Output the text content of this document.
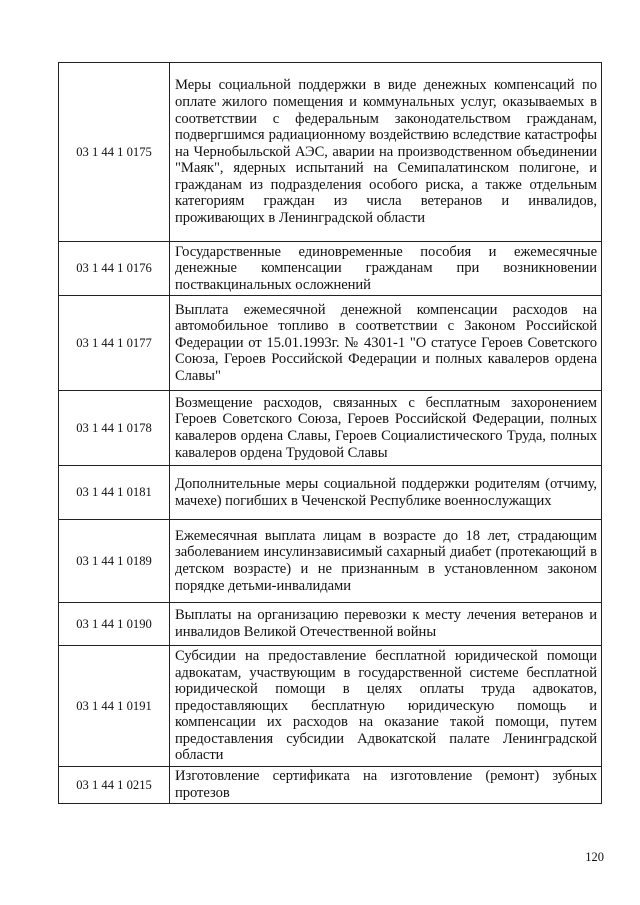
03 1 44 1 0175	Меры социальной поддержки в виде денежных компенсаций по оплате жилого помещения и коммунальных услуг, оказываемых в соответствии с федеральным законодательством гражданам, подвергшимся радиационному воздействию вследствие катастрофы на Чернобыльской АЭС, аварии на производственном объединении "Маяк", ядерных испытаний на Семипалатинском полигоне, и гражданам из подразделения особого риска, а также отдельным категориям граждан из числа ветеранов и инвалидов, проживающих в Ленинградской области
03 1 44 1 0176	Государственные единовременные пособия и ежемесячные денежные компенсации гражданам при возникновении поствакцинальных осложнений
03 1 44 1 0177	Выплата ежемесячной денежной компенсации расходов на автомобильное топливо в соответствии с Законом Российской Федерации от 15.01.1993г. № 4301-1 "О статусе Героев Советского Союза, Героев Российской Федерации и полных кавалеров ордена Славы"
03 1 44 1 0178	Возмещение расходов, связанных с бесплатным захоронением Героев Советского Союза, Героев Российской Федерации, полных кавалеров ордена Славы, Героев Социалистического Труда, полных кавалеров ордена Трудовой Славы
03 1 44 1 0181	Дополнительные меры социальной поддержки родителям (отчиму, мачехе) погибших в Чеченской Республике военнослужащих
03 1 44 1 0189	Ежемесячная выплата лицам в возрасте до 18 лет, страдающим заболеванием инсулинзависимый сахарный диабет (протекающий в детском возрасте) и не признанным в установленном законом порядке детьми-инвалидами
03 1 44 1 0190	Выплаты на организацию перевозки к месту лечения ветеранов и инвалидов Великой Отечественной войны
03 1 44 1 0191	Субсидии на предоставление бесплатной юридической помощи адвокатам, участвующим в государственной системе бесплатной юридической помощи в целях оплаты труда адвокатов, предоставляющих бесплатную юридическую помощь и компенсации их расходов на оказание такой помощи, путем предоставления субсидии Адвокатской палате Ленинградской области
03 1 44 1 0215	Изготовление сертификата на изготовление (ремонт) зубных протезов
120
